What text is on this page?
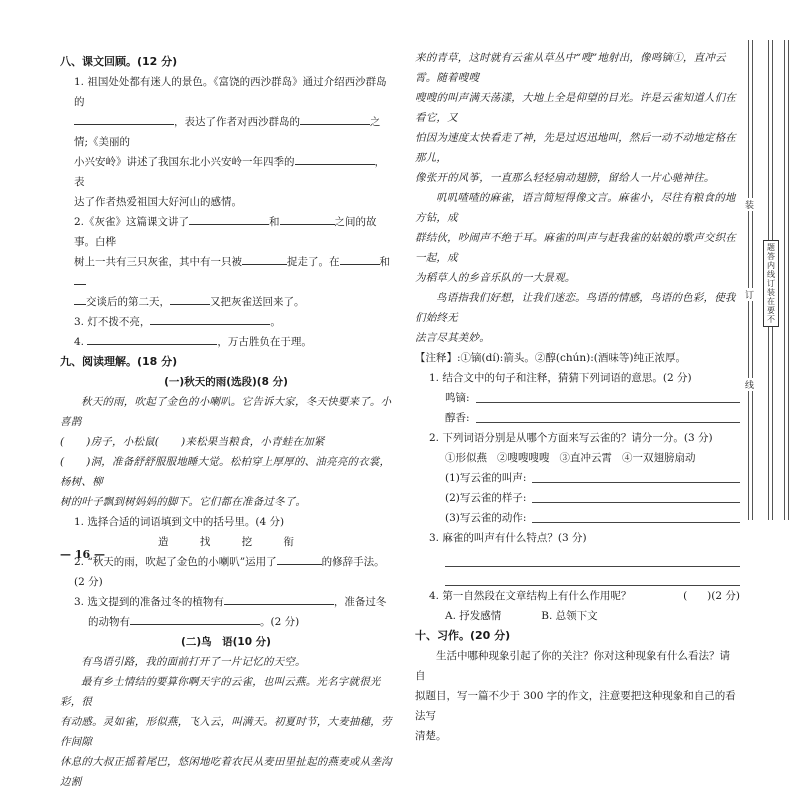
八、课文回顾。(12 分)
1. 祖国处处都有迷人的景色。《富饶的西沙群岛》通过介绍西沙群岛的
，表达了作者对西沙群岛的	之情;《美丽的
小兴安岭》讲述了我国东北小兴安岭一年四季的	，表
达了作者热爱祖国大好河山的感情。
2.《灰雀》这篇课文讲了	和	之间的故事。白桦
树上一共有三只灰雀，其中有一只被	捉走了。在	和
交谈后的第二天，	又把灰雀送回来了。
3. 灯不拨不亮，	。
4.	，万古胜负在于理。
九、阅读理解。(18 分)
(一)秋天的雨(选段)(8 分)
秋天的雨，吹起了金色的小喇叭。它告诉大家，冬天快要来了。小喜鹊
( )房子，小松鼠( )来松果当粮食，小青蛙在加紧
( )洞，准备舒舒服服地睡大觉。松柏穿上厚厚的、油亮亮的衣裳，杨树、柳
树的叶子飘到树妈妈的脚下。它们都在准备过冬了。
1. 选择合适的词语填到文中的括号里。(4 分)
造	找	挖	衔
2. “秋天的雨，吹起了金色的小喇叭”运用了	的修辞手法。(2 分)
3. 选文提到的准备过冬的植物有	，准备过冬
的动物有	。(2 分)
(二)鸟　语(10 分)
有鸟语引路，我的面前打开了一片记忆的天空。
最有乡土情结的要算你啊天宇的云雀，也叫云燕。光名字就很光彩，很
有动感。灵如雀，形似燕，飞入云，叫满天。初夏时节，大麦抽穗，劳作间隙
休息的大叔正摇着尾巴，悠闲地吃着农民从麦田里扯起的燕麦或从垄沟边割
来的青草，这时就有云雀从草丛中“嗖”地射出，像鸣镝①，直冲云霄。随着嗖嗖
嗖嗖的叫声满天荡漾，大地上全是仰望的目光。许是云雀知道人们在看它，又
怕因为速度太快看走了神，先是过迟迅地叫，然后一动不动地定格在那儿，
像张开的风筝，一直那么轻轻扇动翅膀，留给人一片心驰神往。
叽叽喳喳的麻雀，语言简短得像文言。麻雀小，尽往有粮食的地方钻，成
群结伙，吵闹声不绝于耳。麻雀的叫声与赶我雀的姑娘的歌声交织在一起，成
为稻草人的乡音乐队的一大景观。
鸟语指我们好想，让我们迷恋。鸟语的情感，鸟语的色彩，使我们始终无
法言尽其美妙。
【注释】:①镝(dí):箭头。②醇(chún):(酒味等)纯正浓厚。
1. 结合文中的句子和注释，猜猜下列词语的意思。(2 分)
鸣镝:
醇香:
2. 下列词语分别是从哪个方面来写云雀的？请分一分。(3 分)
①形似燕 ②嗖嗖嗖嗖 ③直冲云霄 ④一双翅膀扇动
(1)写云雀的叫声:
(2)写云雀的样子:
(3)写云雀的动作:
3. 麻雀的叫声有什么特点？(3 分)
4. 第一自然段在文章结构上有什么作用呢？	(      ) (2 分)
A. 抒发感情	B. 总领下文
十、习作。(20 分)
生活中哪种现象引起了你的关注？你对这种现象有什么看法？请自
拟题目，写一篇不少于 300 字的作文，注意要把这种现象和自己的看法写
清楚。
— 16 —
题
答
内
线
订
装
在
要
不
装
订
线
